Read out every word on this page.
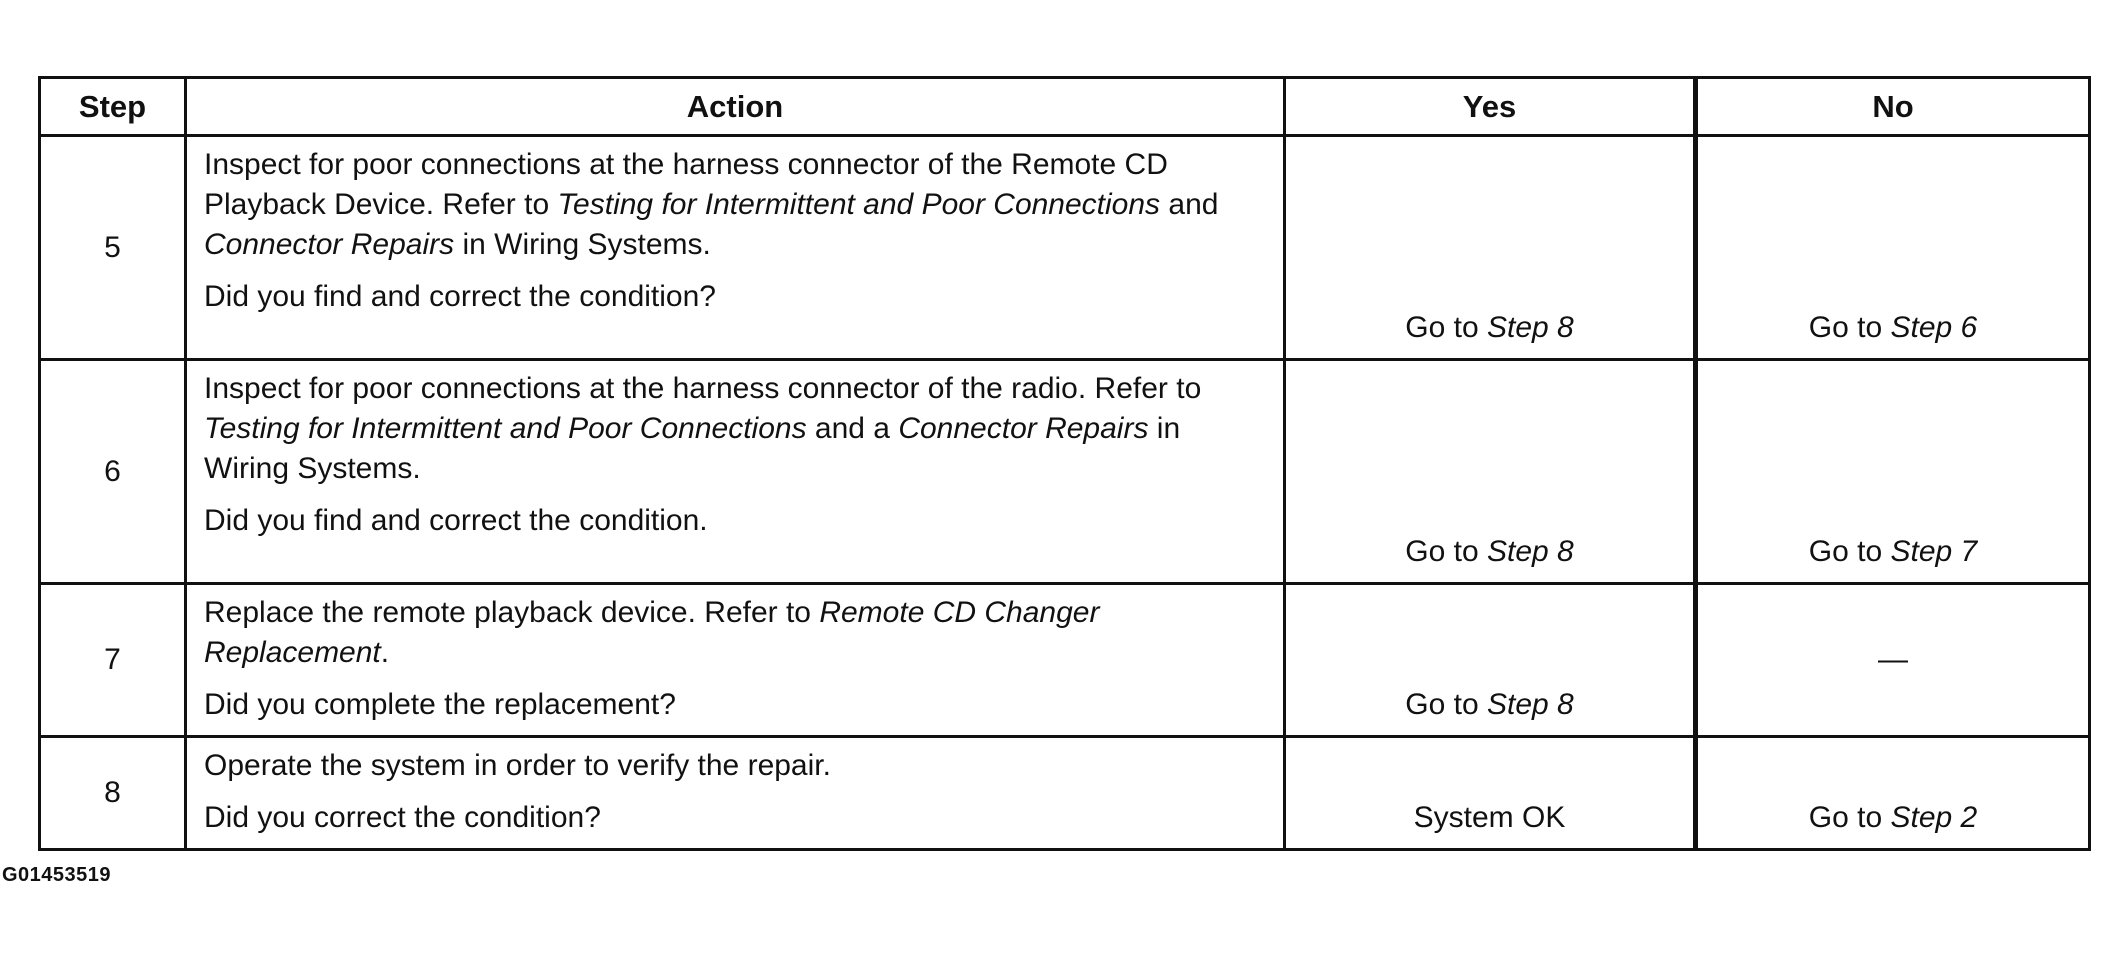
Step	Action	Yes	No
5	Inspect for poor connections at the harness connector of the Remote CD Playback Device. Refer to Testing for Intermittent and Poor Connections and Connector Repairs in Wiring Systems.
Did you find and correct the condition?	Go to Step 8	Go to Step 6

6	Inspect for poor connections at the harness connector of the radio. Refer to Testing for Intermittent and Poor Connections and a Connector Repairs in Wiring Systems.
Did you find and correct the condition.	Go to Step 8	Go to Step 7

7	Replace the remote playback device. Refer to Remote CD Changer Replacement.
Did you complete the replacement?	Go to Step 8	—

8	Operate the system in order to verify the repair.
Did you correct the condition?	System OK	Go to Step 2
G01453519
